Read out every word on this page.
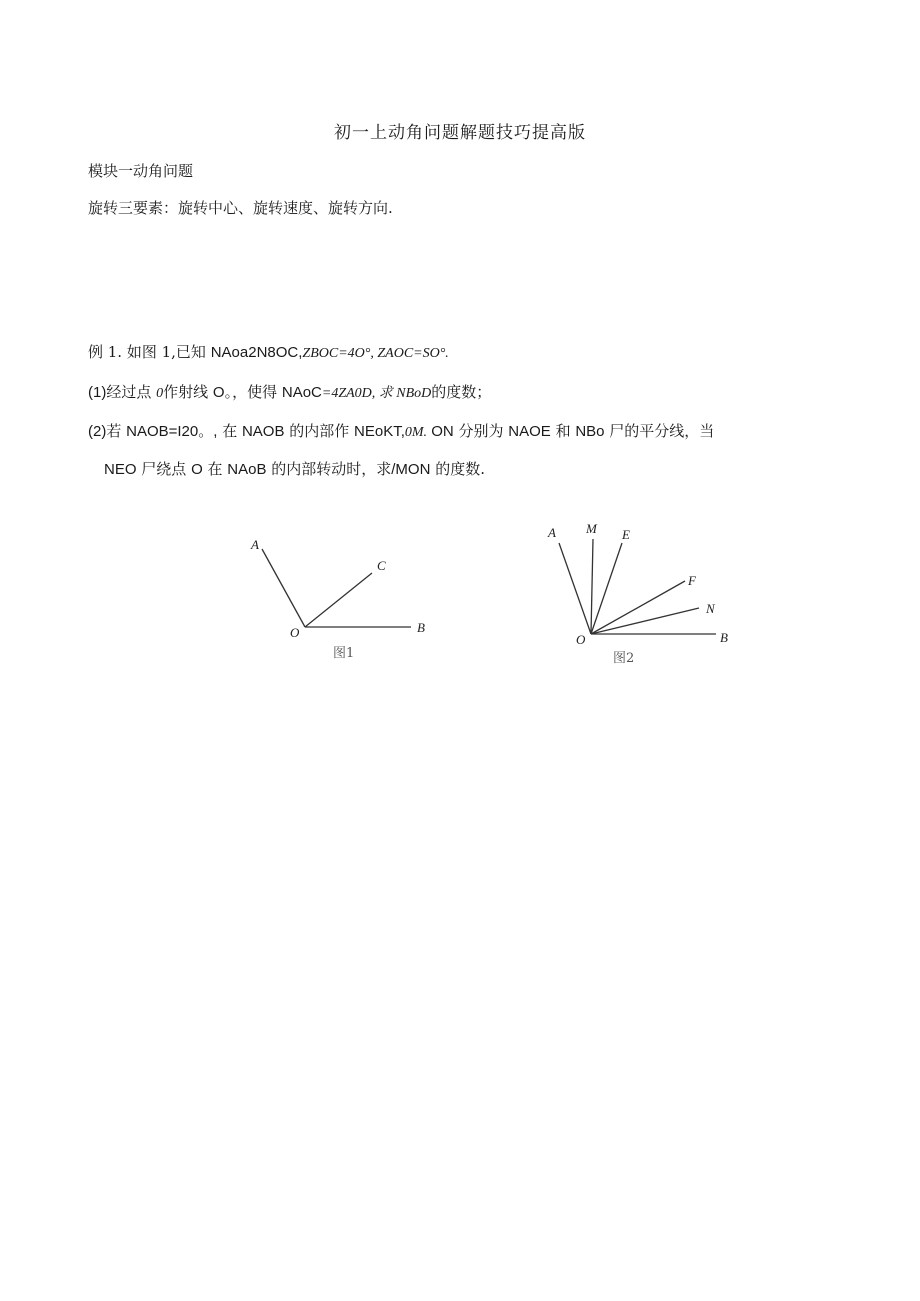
初一上动角问题解题技巧提高版
模块一动角问题
旋转三要素：旋转中心、旋转速度、旋转方向.
例 1. 如图 1,已知 NAoa2N8OC,ZBOC=4O°, ZAOC=SO°.
(1)经过点 0作射线 O。，使得 NAoC=4ZA0D, 求 NBoD的度数；
(2)若 NAOB=I20。, 在 NAOB 的内部作 NEoKT,0M. ON 分别为 NAOE 和 NBo 尸的平分线，当
NEO 尸绕点 O 在 NAoB 的内部转动时，求/MON 的度数.
A
C
O	B
图1
A M E
F
N
O	B
图2
